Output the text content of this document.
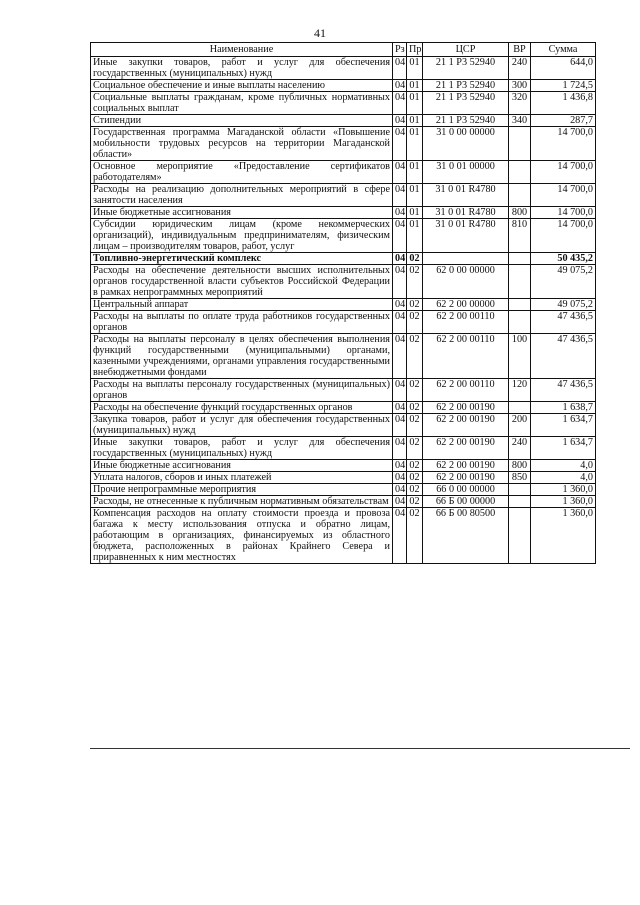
41
Наименование	Рз	Пр	ЦСР	ВР	Сумма
Иные закупки товаров, работ и услуг для обеспечения государственных (муниципальных) нужд	04	01	21 1 Р3 52940	240	644,0
Социальное обеспечение и иные выплаты населению	04	01	21 1 Р3 52940	300	1 724,5
Социальные выплаты гражданам, кроме публичных нормативных социальных выплат	04	01	21 1 Р3 52940	320	1 436,8
Стипендии	04	01	21 1 Р3 52940	340	287,7
Государственная программа Магаданской области «Повышение мобильности трудовых ресурсов на территории Магаданской области»	04	01	31 0 00 00000		14 700,0
Основное мероприятие «Предоставление сертификатов работодателям»	04	01	31 0 01 00000		14 700,0
Расходы на реализацию дополнительных мероприятий в сфере занятости населения	04	01	31 0 01 R4780		14 700,0
Иные бюджетные ассигнования	04	01	31 0 01 R4780	800	14 700,0
Субсидии юридическим лицам (кроме некоммерческих организаций), индивидуальным предпринимателям, физическим лицам – производителям товаров, работ, услуг	04	01	31 0 01 R4780	810	14 700,0
Топливно-энергетический комплекс	04	02			50 435,2
Расходы на обеспечение деятельности высших исполнительных органов государственной власти субъектов Российской Федерации в рамках непрограммных мероприятий	04	02	62 0 00 00000		49 075,2
Центральный аппарат	04	02	62 2 00 00000		49 075,2
Расходы на выплаты по оплате труда работников государственных органов	04	02	62 2 00 00110		47 436,5
Расходы на выплаты персоналу в целях обеспечения выполнения функций государственными (муниципальными) органами, казенными учреждениями, органами управления государственными внебюджетными фондами	04	02	62 2 00 00110	100	47 436,5
Расходы на выплаты персоналу государственных (муниципальных) органов	04	02	62 2 00 00110	120	47 436,5
Расходы на обеспечение функций государственных органов	04	02	62 2 00 00190		1 638,7
Закупка товаров, работ и услуг для обеспечения государственных (муниципальных) нужд	04	02	62 2 00 00190	200	1 634,7
Иные закупки товаров, работ и услуг для обеспечения государственных (муниципальных) нужд	04	02	62 2 00 00190	240	1 634,7
Иные бюджетные ассигнования	04	02	62 2 00 00190	800	4,0
Уплата налогов, сборов и иных платежей	04	02	62 2 00 00190	850	4,0
Прочие непрограммные мероприятия	04	02	66 0 00 00000		1 360,0
Расходы, не отнесенные к публичным нормативным обязательствам	04	02	66 Б 00 00000		1 360,0
Компенсация расходов на оплату стоимости проезда и провоза багажа к месту использования отпуска и обратно лицам, работающим в организациях, финансируемых из областного бюджета, расположенных в районах Крайнего Севера и приравненных к ним местностях	04	02	66 Б 00 80500		1 360,0
